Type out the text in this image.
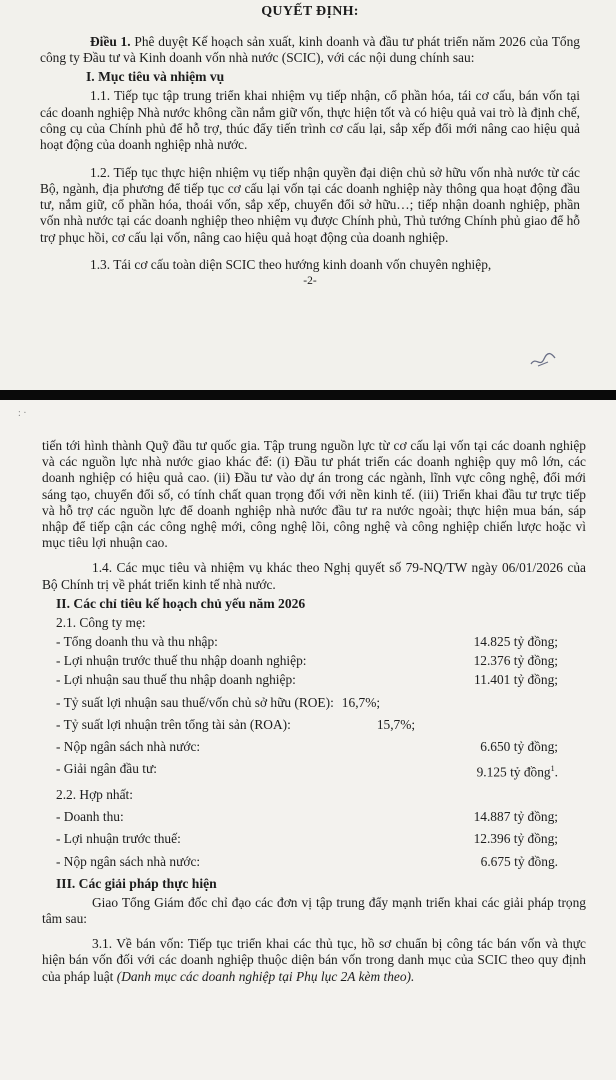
QUYẾT ĐỊNH:

Điều 1. Phê duyệt Kế hoạch sản xuất, kinh doanh và đầu tư phát triển năm 2026 của Tổng công ty Đầu tư và Kinh doanh vốn nhà nước (SCIC), với các nội dung chính sau:

I. Mục tiêu và nhiệm vụ

1.1. Tiếp tục tập trung triển khai nhiệm vụ tiếp nhận, cổ phần hóa, tái cơ cấu, bán vốn tại các doanh nghiệp Nhà nước không cần nắm giữ vốn, thực hiện tốt và có hiệu quả vai trò là định chế, công cụ của Chính phủ để hỗ trợ, thúc đẩy tiến trình cơ cấu lại, sắp xếp đổi mới nâng cao hiệu quả hoạt động của doanh nghiệp nhà nước.

1.2. Tiếp tục thực hiện nhiệm vụ tiếp nhận quyền đại diện chủ sở hữu vốn nhà nước từ các Bộ, ngành, địa phương để tiếp tục cơ cấu lại vốn tại các doanh nghiệp này thông qua hoạt động đầu tư, nắm giữ, cổ phần hóa, thoái vốn, sắp xếp, chuyển đổi sở hữu…; tiếp nhận doanh nghiệp, phần vốn nhà nước tại các doanh nghiệp theo nhiệm vụ được Chính phủ, Thủ tướng Chính phủ giao để hỗ trợ phục hồi, cơ cấu lại vốn, nâng cao hiệu quả hoạt động của doanh nghiệp.

1.3. Tái cơ cấu toàn diện SCIC theo hướng kinh doanh vốn chuyên nghiệp,

-2-

: ·

tiến tới hình thành Quỹ đầu tư quốc gia. Tập trung nguồn lực từ cơ cấu lại vốn tại các doanh nghiệp và các nguồn lực nhà nước giao khác để: (i) Đầu tư phát triển các doanh nghiệp quy mô lớn, các doanh nghiệp có hiệu quả cao. (ii) Đầu tư vào dự án trong các ngành, lĩnh vực công nghệ, đổi mới sáng tạo, chuyển đổi số, có tính chất quan trọng đối với nền kinh tế. (iii) Triển khai đầu tư trực tiếp và hỗ trợ các nguồn lực để doanh nghiệp nhà nước đầu tư ra nước ngoài; thực hiện mua bán, sáp nhập để tiếp cận các công nghệ mới, công nghệ lõi, công nghệ và công nghiệp chiến lược hoặc vì mục tiêu lợi nhuận cao.

1.4. Các mục tiêu và nhiệm vụ khác theo Nghị quyết số 79-NQ/TW ngày 06/01/2026 của Bộ Chính trị về phát triển kinh tế nhà nước.

II. Các chỉ tiêu kế hoạch chủ yếu năm 2026

2.1. Công ty mẹ:

- Tổng doanh thu và thu nhập:	14.825 tỷ đồng;
- Lợi nhuận trước thuế thu nhập doanh nghiệp:	12.376 tỷ đồng;
- Lợi nhuận sau thuế thu nhập doanh nghiệp:	11.401 tỷ đồng;
- Tỷ suất lợi nhuận sau thuế/vốn chủ sở hữu (ROE): 16,7%;
- Tỷ suất lợi nhuận trên tổng tài sản (ROA):	15,7%;
- Nộp ngân sách nhà nước:	6.650 tỷ đồng;
- Giải ngân đầu tư:	9.125 tỷ đồng$^1$.

2.2. Hợp nhất:

- Doanh thu:	14.887 tỷ đồng;
- Lợi nhuận trước thuế:	12.396 tỷ đồng;
- Nộp ngân sách nhà nước:	6.675 tỷ đồng.

III. Các giải pháp thực hiện

Giao Tổng Giám đốc chỉ đạo các đơn vị tập trung đẩy mạnh triển khai các giải pháp trọng tâm sau:

3.1. Về bán vốn: Tiếp tục triển khai các thủ tục, hồ sơ chuẩn bị công tác bán vốn và thực hiện bán vốn đối với các doanh nghiệp thuộc diện bán vốn trong danh mục của SCIC theo quy định của pháp luật (Danh mục các doanh nghiệp tại Phụ lục 2A kèm theo).
